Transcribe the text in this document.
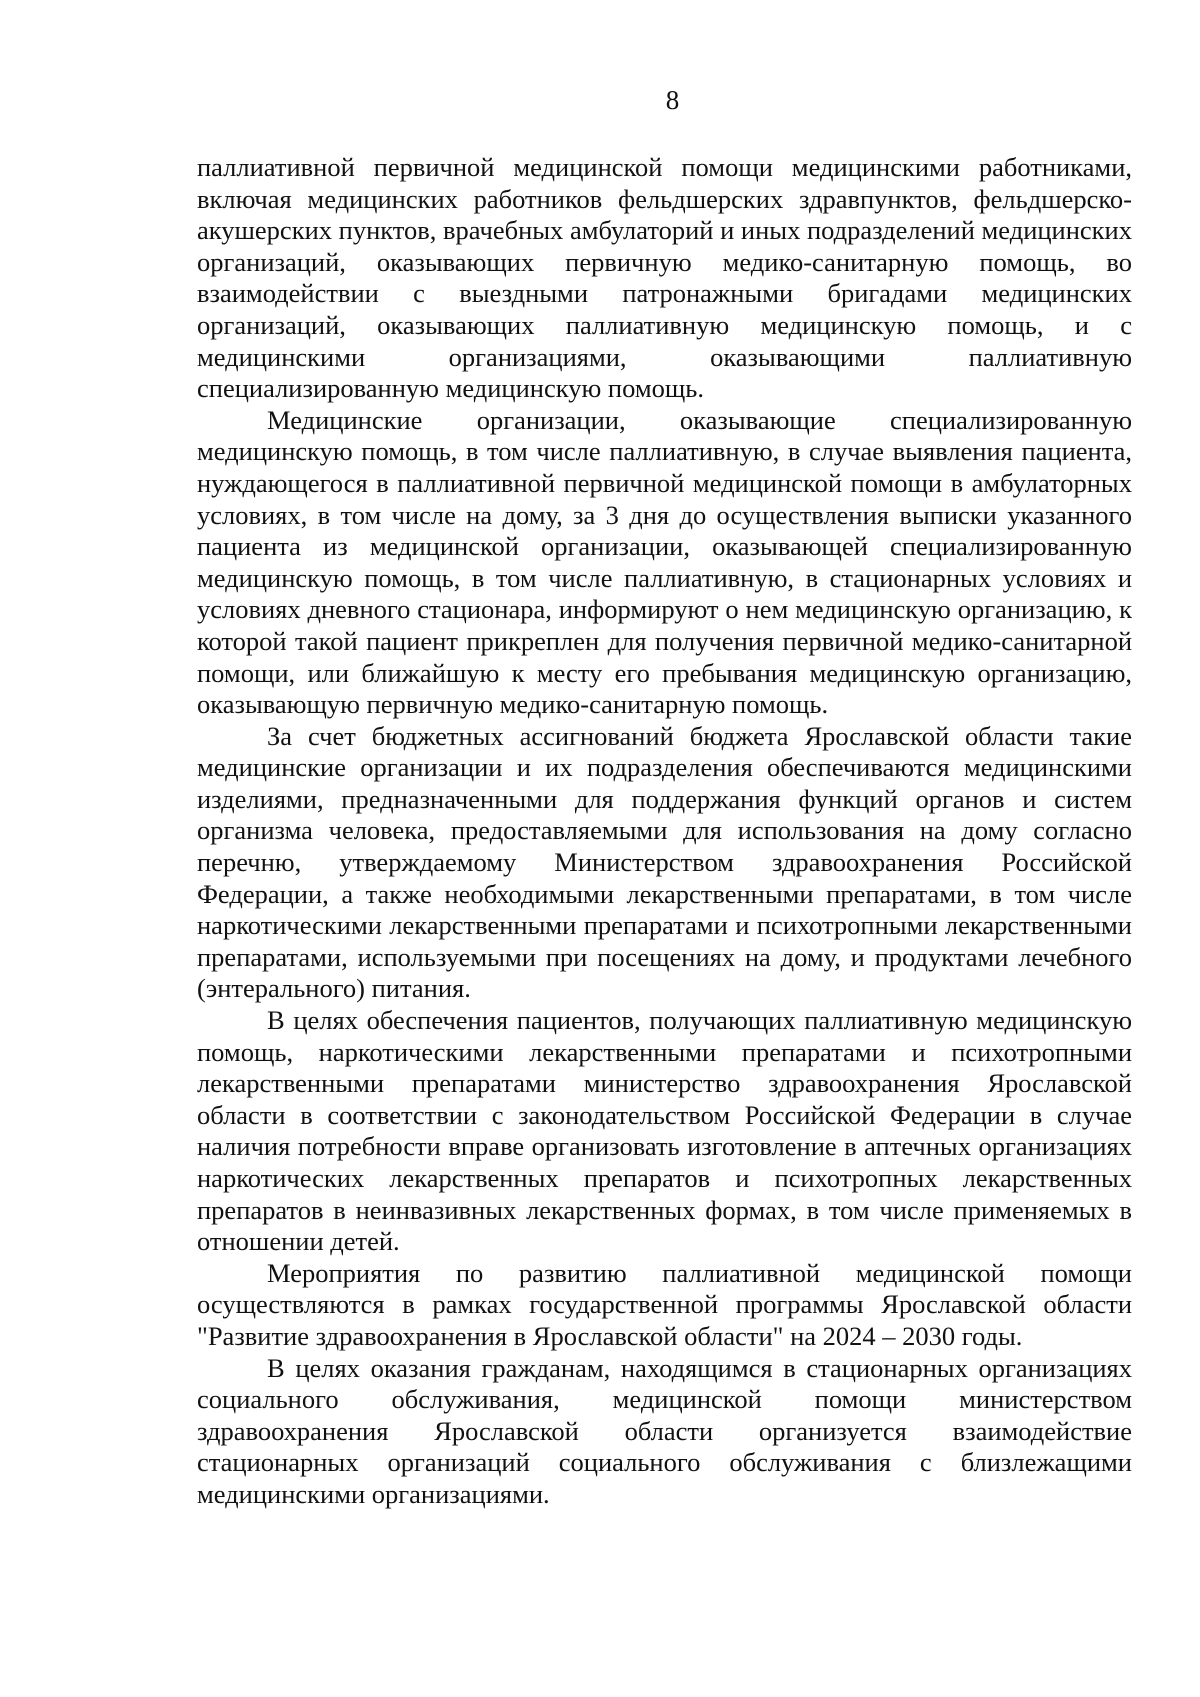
8

паллиативной первичной медицинской помощи медицинскими работниками, включая медицинских работников фельдшерских здравпунктов, фельдшерско-акушерских пунктов, врачебных амбулаторий и иных подразделений медицинских организаций, оказывающих первичную медико-санитарную помощь, во взаимодействии с выездными патронажными бригадами медицинских организаций, оказывающих паллиативную медицинскую помощь, и с медицинскими организациями, оказывающими паллиативную специализированную медицинскую помощь.

Медицинские организации, оказывающие специализированную медицинскую помощь, в том числе паллиативную, в случае выявления пациента, нуждающегося в паллиативной первичной медицинской помощи в амбулаторных условиях, в том числе на дому, за 3 дня до осуществления выписки указанного пациента из медицинской организации, оказывающей специализированную медицинскую помощь, в том числе паллиативную, в стационарных условиях и условиях дневного стационара, информируют о нем медицинскую организацию, к которой такой пациент прикреплен для получения первичной медико-санитарной помощи, или ближайшую к месту его пребывания медицинскую организацию, оказывающую первичную медико-санитарную помощь.

За счет бюджетных ассигнований бюджета Ярославской области такие медицинские организации и их подразделения обеспечиваются медицинскими изделиями, предназначенными для поддержания функций органов и систем организма человека, предоставляемыми для использования на дому согласно перечню, утверждаемому Министерством здравоохранения Российской Федерации, а также необходимыми лекарственными препаратами, в том числе наркотическими лекарственными препаратами и психотропными лекарственными препаратами, используемыми при посещениях на дому, и продуктами лечебного (энтерального) питания.

В целях обеспечения пациентов, получающих паллиативную медицинскую помощь, наркотическими лекарственными препаратами и психотропными лекарственными препаратами министерство здравоохранения Ярославской области в соответствии с законодательством Российской Федерации в случае наличия потребности вправе организовать изготовление в аптечных организациях наркотических лекарственных препаратов и психотропных лекарственных препаратов в неинвазивных лекарственных формах, в том числе применяемых в отношении детей.

Мероприятия по развитию паллиативной медицинской помощи осуществляются в рамках государственной программы Ярославской области "Развитие здравоохранения в Ярославской области" на 2024 – 2030 годы.

В целях оказания гражданам, находящимся в стационарных организациях социального обслуживания, медицинской помощи министерством здравоохранения Ярославской области организуется взаимодействие стационарных организаций социального обслуживания с близлежащими медицинскими организациями.
